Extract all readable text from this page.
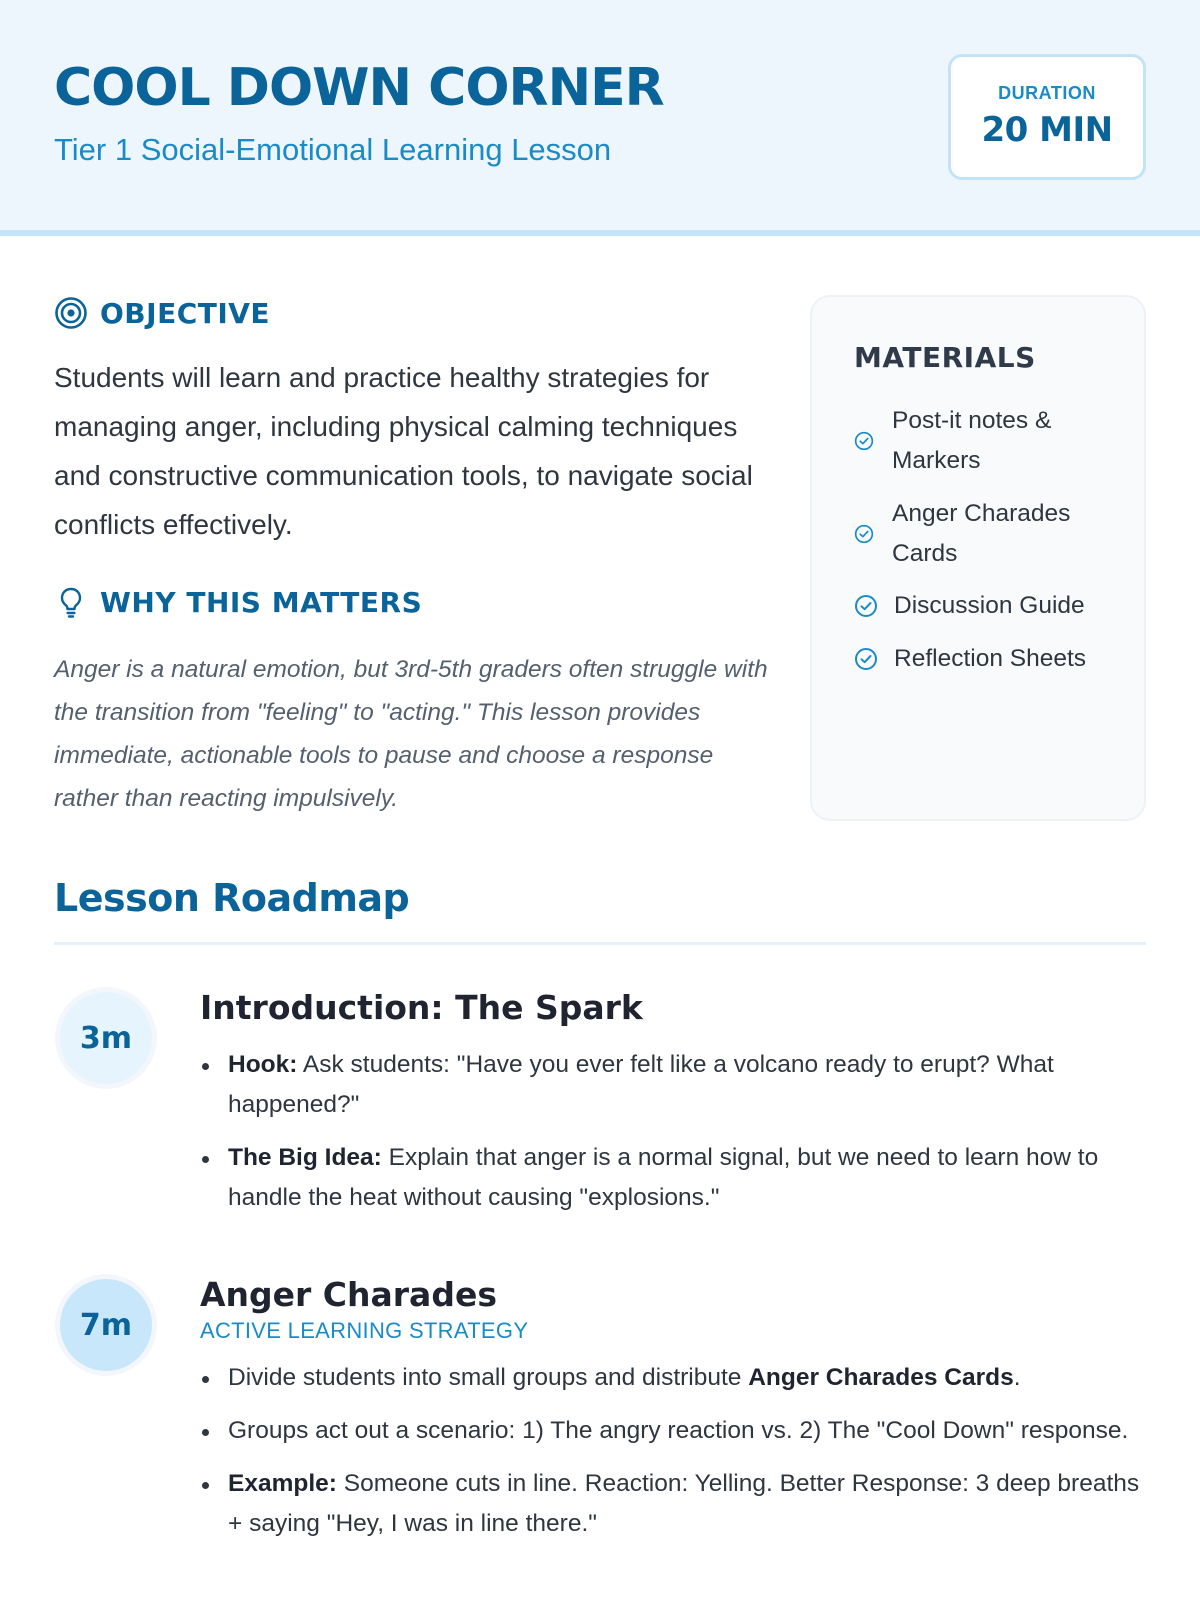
COOL DOWN CORNER
Tier 1 Social-Emotional Learning Lesson
DURATION
20 MIN
OBJECTIVE

Students will learn and practice healthy strategies for managing anger, including physical calming techniques and constructive communication tools, to navigate social conflicts effectively.

WHY THIS MATTERS

Anger is a natural emotion, but 3rd-5th graders often struggle with the transition from "feeling" to "acting." This lesson provides immediate, actionable tools to pause and choose a response rather than reacting impulsively.

MATERIALS
Post-it notes &
Markers
Anger Charades
Cards
Discussion Guide
Reflection Sheets
Lesson Roadmap
3m
Introduction: The Spark
Hook: Ask students: "Have you ever felt like a volcano ready to erupt? What happened?"
The Big Idea: Explain that anger is a normal signal, but we need to learn how to handle the heat without causing "explosions."
7m
Anger Charades
ACTIVE LEARNING STRATEGY
Divide students into small groups and distribute Anger Charades Cards.
Groups act out a scenario: 1) The angry reaction vs. 2) The "Cool Down" response.
Example: Someone cuts in line. Reaction: Yelling. Better Response: 3 deep breaths + saying "Hey, I was in line there."
